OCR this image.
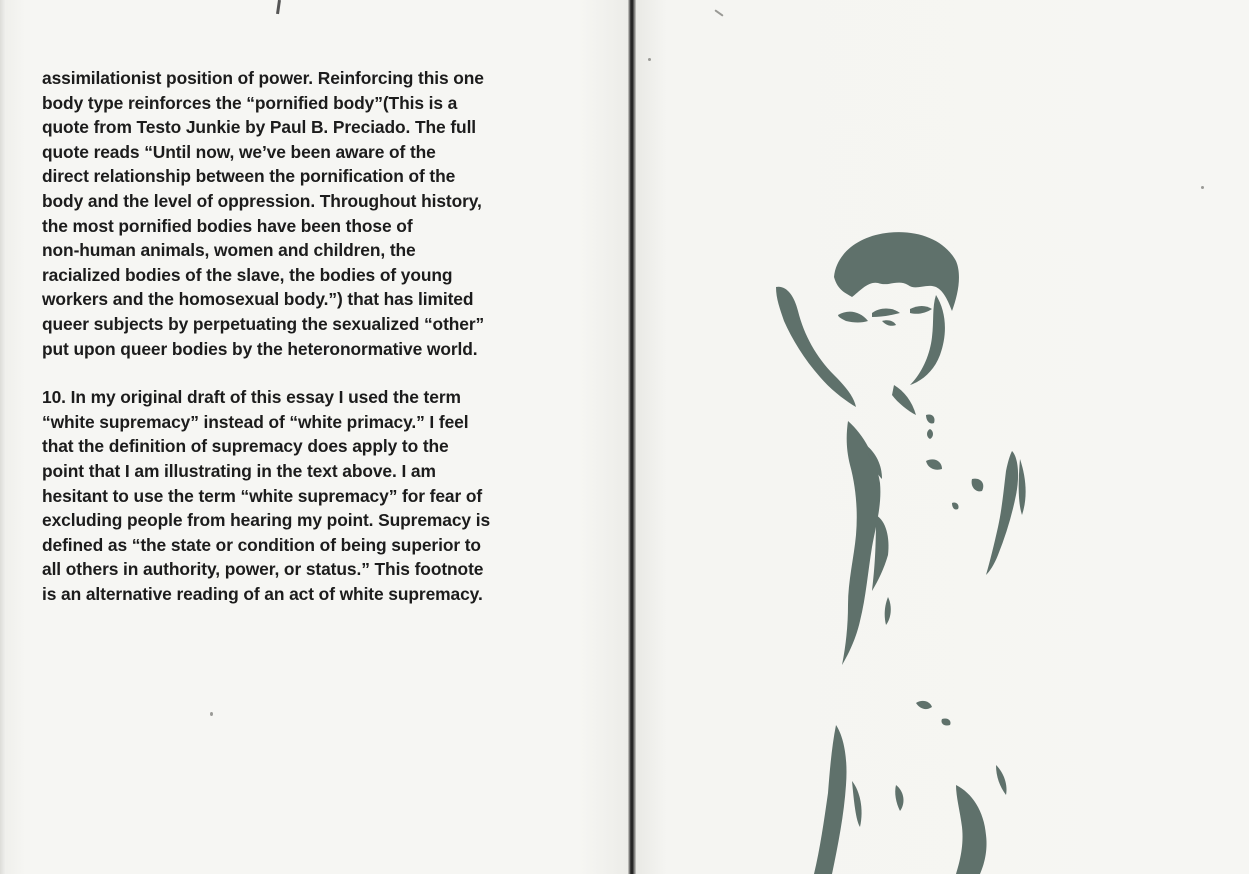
assimilationist position of power. Reinforcing this one
body type reinforces the “pornified body”(This is a
quote from Testo Junkie by Paul B. Preciado. The full
quote reads “Until now, we’ve been aware of the
direct relationship between the pornification of the
body and the level of oppression. Throughout history,
the most pornified bodies have been those of
non-human animals, women and children, the
racialized bodies of the slave, the bodies of young
workers and the homosexual body.”) that has limited
queer subjects by perpetuating the sexualized “other”
put upon queer bodies by the heteronormative world.
10. In my original draft of this essay I used the term
“white supremacy” instead of “white primacy.” I feel
that the definition of supremacy does apply to the
point that I am illustrating in the text above. I am
hesitant to use the term “white supremacy” for fear of
excluding people from hearing my point. Supremacy is
defined as “the state or condition of being superior to
all others in authority, power, or status.” This footnote
is an alternative reading of an act of white supremacy.
